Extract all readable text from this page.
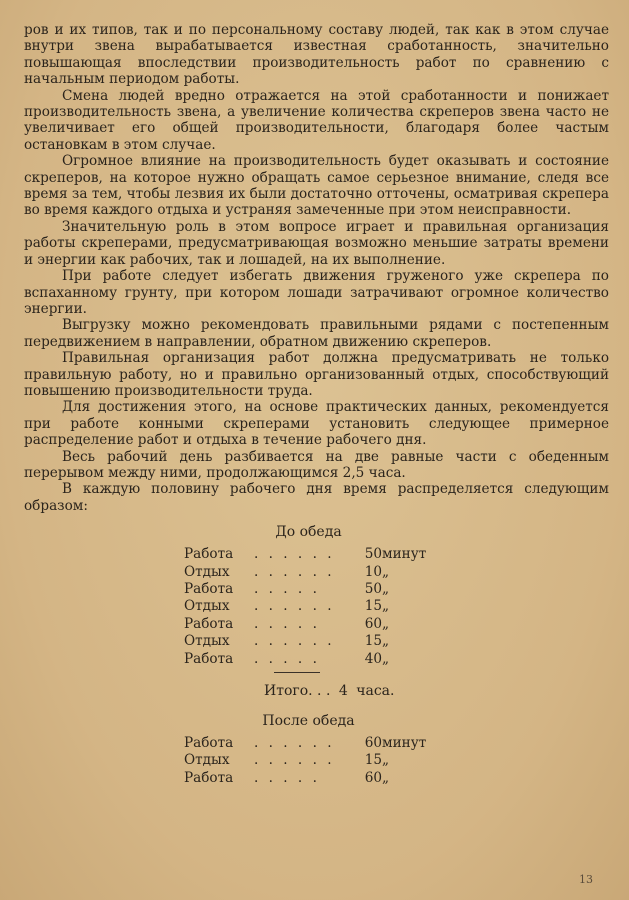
ров и их типов, так и по персональному составу людей, так как в этом случае внутри звена вырабатывается известная сработанность, значительно повышающая впоследствии производительность работ по сравнению с начальным периодом работы.

Смена людей вредно отражается на этой сработанности и понижает производительность звена, а увеличение количества скреперов звена часто не увеличивает его общей производительности, благодаря более частым остановкам в этом случае.

Огромное влияние на производительность будет оказывать и состояние скреперов, на которое нужно обращать самое серьезное внимание, следя все время за тем, чтобы лезвия их были достаточно отточены, осматривая скрепера во время каждого отдыха и устраняя замеченные при этом неисправности.

Значительную роль в этом вопросе играет и правильная организация работы скреперами, предусматривающая возможно меньшие затраты времени и энергии как рабочих, так и лошадей, на их выполнение.

При работе следует избегать движения груженого уже скрепера по вспаханному грунту, при котором лошади затрачивают огромное количество энергии.

Выгрузку можно рекомендовать правильными рядами с постепенным передвижением в направлении, обратном движению скреперов.

Правильная организация работ должна предусматривать не только правильную работу, но и правильно организованный отдых, способствующий повышению производительности труда.

Для достижения этого, на основе практических данных, рекомендуется при работе конными скреперами установить следующее примерное распределение работ и отдыха в течение рабочего дня.

Весь рабочий день разбивается на две равные части с обеденным перерывом между ними, продолжающимся 2,5 часа.

В каждую половину рабочего дня время распределяется следующим образом:

До обеда
Работа	. . . . . .	50	минут
Отдых	. . . . . .	10	„
Работа	. . . . .	50	„
Отдых	. . . . . .	15	„
Работа	. . . . .	60	„
Отдых	. . . . . .	15	„
Работа	. . . . .	40	„
Итого. . . 4 часа.
После обеда
Работа	. . . . . .	60	минут
Отдых	. . . . . .	15	„
Работа	. . . . .	60	„
13
